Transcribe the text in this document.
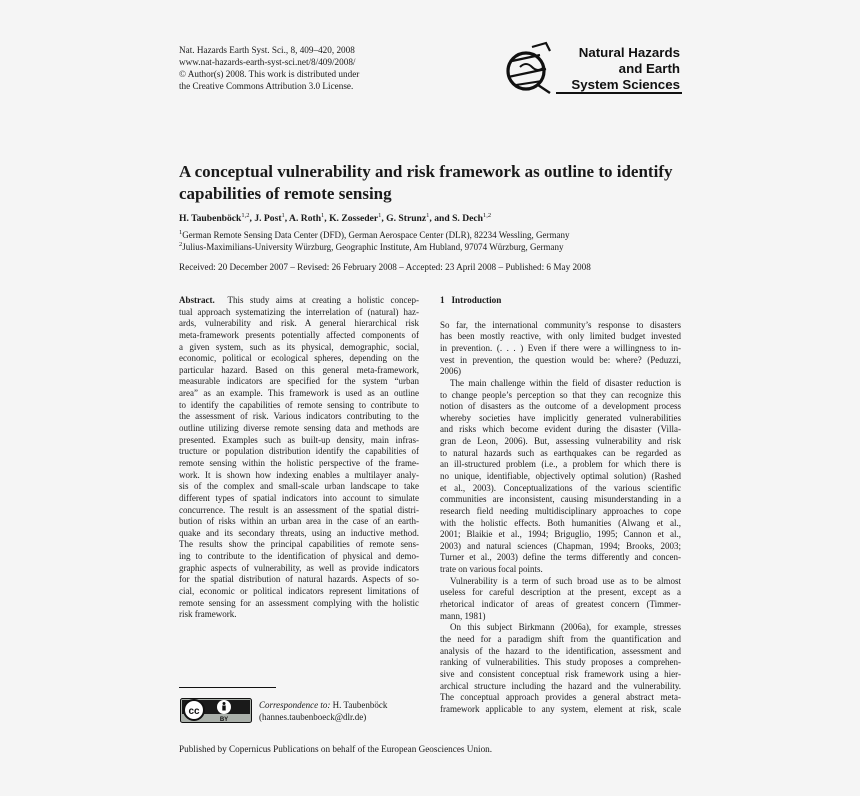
Nat. Hazards Earth Syst. Sci., 8, 409–420, 2008
www.nat-hazards-earth-syst-sci.net/8/409/2008/
© Author(s) 2008. This work is distributed under
the Creative Commons Attribution 3.0 License.
Natural Hazards
and Earth
System Sciences
A conceptual vulnerability and risk framework as outline to identify
capabilities of remote sensing
H. Taubenböck$^{1,2}$, J. Post$^1$, A. Roth$^1$, K. Zosseder$^1$, G. Strunz$^1$, and S. Dech$^{1,2}$
$^1$German Remote Sensing Data Center (DFD), German Aerospace Center (DLR), 82234 Wessling, Germany
$^2$Julius-Maximilians-University Würzburg, Geographic Institute, Am Hubland, 97074 Würzburg, Germany
Received: 20 December 2007 – Revised: 26 February 2008 – Accepted: 23 April 2008 – Published: 6 May 2008
Abstract. This study aims at creating a holistic concep-
tual approach systematizing the interrelation of (natural) haz-
ards, vulnerability and risk. A general hierarchical risk
meta-framework presents potentially affected components of
a given system, such as its physical, demographic, social,
economic, political or ecological spheres, depending on the
particular hazard. Based on this general meta-framework,
measurable indicators are specified for the system “urban
area” as an example. This framework is used as an outline
to identify the capabilities of remote sensing to contribute to
the assessment of risk. Various indicators contributing to the
outline utilizing diverse remote sensing data and methods are
presented. Examples such as built-up density, main infras-
tructure or population distribution identify the capabilities of
remote sensing within the holistic perspective of the frame-
work. It is shown how indexing enables a multilayer analy-
sis of the complex and small-scale urban landscape to take
different types of spatial indicators into account to simulate
concurrence. The result is an assessment of the spatial distri-
bution of risks within an urban area in the case of an earth-
quake and its secondary threats, using an inductive method.
The results show the principal capabilities of remote sens-
ing to contribute to the identification of physical and demo-
graphic aspects of vulnerability, as well as provide indicators
for the spatial distribution of natural hazards. Aspects of so-
cial, economic or political indicators represent limitations of
remote sensing for an assessment complying with the holistic
risk framework.
1 Introduction
So far, the international community’s response to disasters
has been mostly reactive, with only limited budget invested
in prevention. (. . . ) Even if there were a willingness to in-
vest in prevention, the question would be: where? (Peduzzi,
2006)
The main challenge within the field of disaster reduction is
to change people’s perception so that they can recognize this
notion of disasters as the outcome of a development process
whereby societies have implicitly generated vulnerabilities
and risks which become evident during the disaster (Villa-
gran de Leon, 2006). But, assessing vulnerability and risk
to natural hazards such as earthquakes can be regarded as
an ill-structured problem (i.e., a problem for which there is
no unique, identifiable, objectively optimal solution) (Rashed
et al., 2003). Conceptualizations of the various scientific
communities are inconsistent, causing misunderstanding in a
research field needing multidisciplinary approaches to cope
with the holistic effects. Both humanities (Alwang et al.,
2001; Blaikie et al., 1994; Briguglio, 1995; Cannon et al.,
2003) and natural sciences (Chapman, 1994; Brooks, 2003;
Turner et al., 2003) define the terms differently and concen-
trate on various focal points.
Vulnerability is a term of such broad use as to be almost
useless for careful description at the present, except as a
rhetorical indicator of areas of greatest concern (Timmer-
mann, 1981)
On this subject Birkmann (2006a), for example, stresses
the need for a paradigm shift from the quantification and
analysis of the hazard to the identification, assessment and
ranking of vulnerabilities. This study proposes a comprehen-
sive and consistent conceptual risk framework using a hier-
archical structure including the hazard and the vulnerability.
The conceptual approach provides a general abstract meta-
framework applicable to any system, element at risk, scale
cc
BY
Correspondence to: H. Taubenböck
(hannes.taubenboeck@dlr.de)
Published by Copernicus Publications on behalf of the European Geosciences Union.
